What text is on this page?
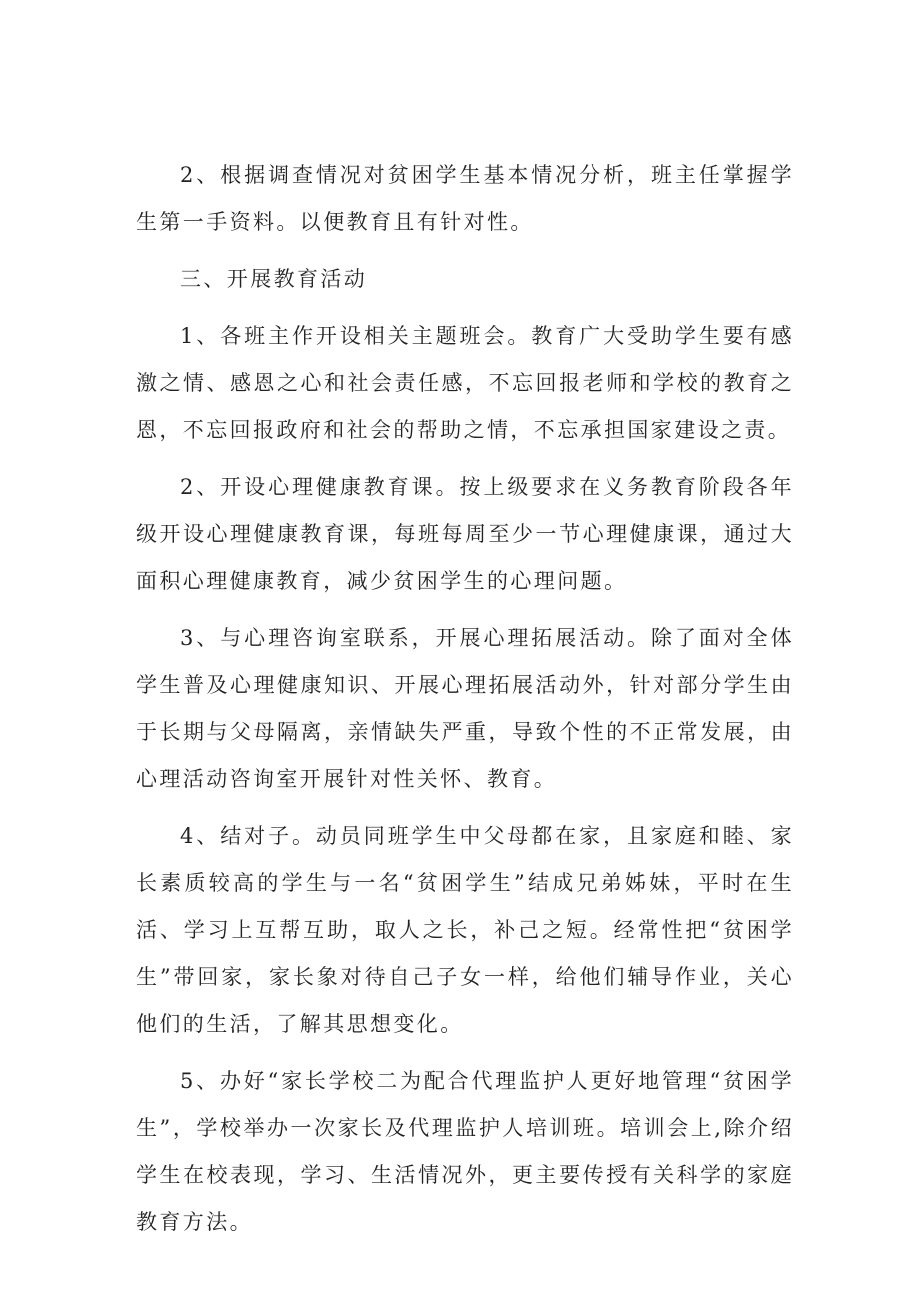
2、根据调查情况对贫困学生基本情况分析，班主任掌握学生第一手资料。以便教育且有针对性。

三、开展教育活动

1、各班主作开设相关主题班会。教育广大受助学生要有感激之情、感恩之心和社会责任感，不忘回报老师和学校的教育之恩，不忘回报政府和社会的帮助之情，不忘承担国家建设之责。

2、开设心理健康教育课。按上级要求在义务教育阶段各年级开设心理健康教育课，每班每周至少一节心理健康课，通过大面积心理健康教育，减少贫困学生的心理问题。

3、与心理咨询室联系，开展心理拓展活动。除了面对全体学生普及心理健康知识、开展心理拓展活动外，针对部分学生由于长期与父母隔离，亲情缺失严重，导致个性的不正常发展，由心理活动咨询室开展针对性关怀、教育。

4、结对子。动员同班学生中父母都在家，且家庭和睦、家长素质较高的学生与一名“贫困学生”结成兄弟姊妹，平时在生活、学习上互帮互助，取人之长，补己之短。经常性把“贫困学生”带回家，家长象对待自己子女一样，给他们辅导作业，关心他们的生活，了解其思想变化。

5、办好“家长学校二为配合代理监护人更好地管理“贫困学生”，学校举办一次家长及代理监护人培训班。培训会上,除介绍学生在校表现，学习、生活情况外，更主要传授有关科学的家庭教育方法。
